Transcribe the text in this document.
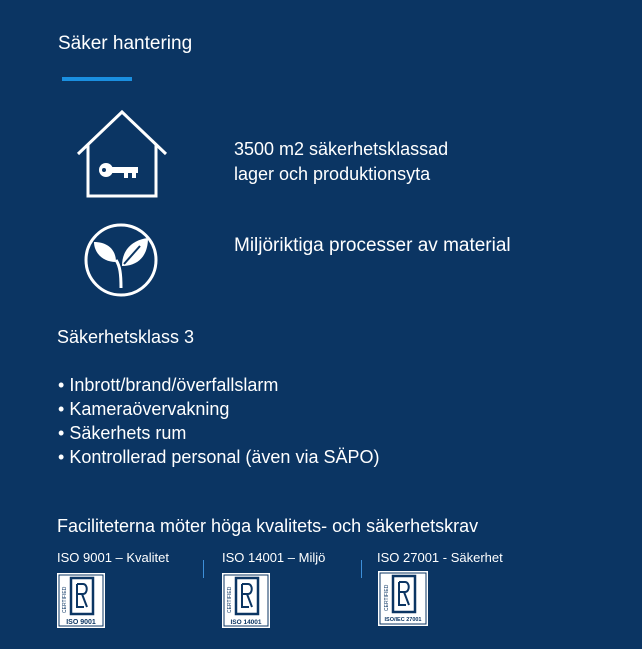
Säker hantering
3500 m2 säkerhetsklassad
lager och produktionsyta
Miljöriktiga processer av material
Säkerhetsklass 3
• Inbrott/brand/överfallslarm
• Kameraövervakning
• Säkerhets rum
• Kontrollerad personal (även via SÄPO)
Faciliteterna möter höga kvalitets- och säkerhetskrav
ISO 9001 – Kvalitet	ISO 14001 – Miljö	ISO 27001 - Säkerhet
CERTIFIED
ISO 9001
CERTIFIED
ISO 14001
CERTIFIED
ISO/IEC 27001
